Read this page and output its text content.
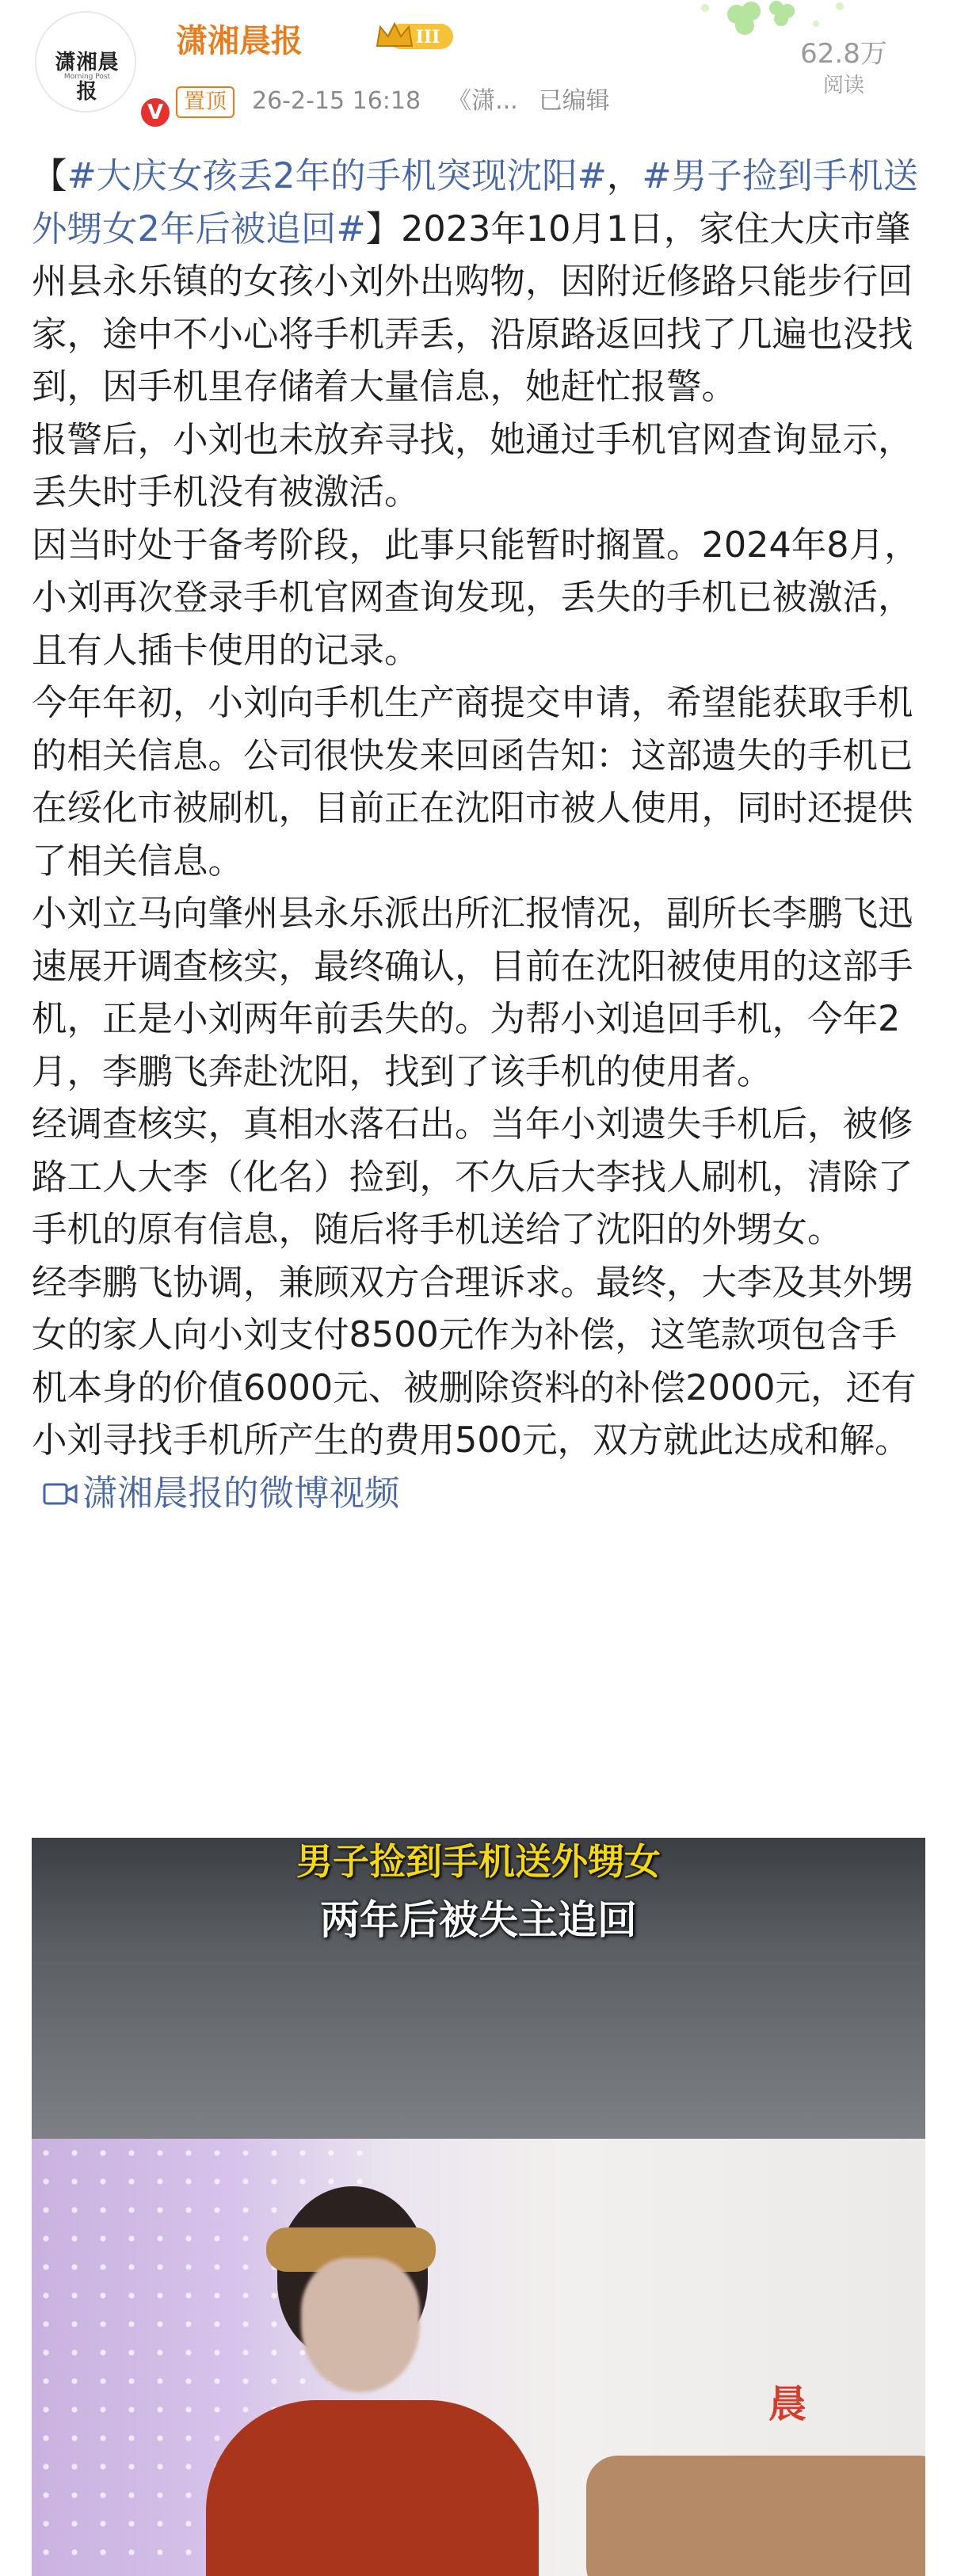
潇湘晨报
Morning Post
V
潇湘晨报	III
置顶 26-2-15 16:18 《潇... 已编辑
62.8万
阅读

【#大庆女孩丢2年的手机突现沈阳#，#男子捡到手机送外甥女2年后被追回#】2023年10月1日，家住大庆市肇州县永乐镇的女孩小刘外出购物，因附近修路只能步行回家，途中不小心将手机弄丢，沿原路返回找了几遍也没找到，因手机里存储着大量信息，她赶忙报警。

报警后，小刘也未放弃寻找，她通过手机官网查询显示，丢失时手机没有被激活。

因当时处于备考阶段，此事只能暂时搁置。2024年8月，小刘再次登录手机官网查询发现，丢失的手机已被激活，且有人插卡使用的记录。

今年年初，小刘向手机生产商提交申请，希望能获取手机的相关信息。公司很快发来回函告知：这部遗失的手机已在绥化市被刷机，目前正在沈阳市被人使用，同时还提供了相关信息。

小刘立马向肇州县永乐派出所汇报情况，副所长李鹏飞迅速展开调查核实，最终确认，目前在沈阳被使用的这部手机，正是小刘两年前丢失的。为帮小刘追回手机，今年2月，李鹏飞奔赴沈阳，找到了该手机的使用者。

经调查核实，真相水落石出。当年小刘遗失手机后，被修路工人大李（化名）捡到，不久后大李找人刷机，清除了手机的原有信息，随后将手机送给了沈阳的外甥女。

经李鹏飞协调，兼顾双方合理诉求。最终，大李及其外甥女的家人向小刘支付8500元作为补偿，这笔款项包含手机本身的价值6000元、被删除资料的补偿2000元，还有小刘寻找手机所产生的费用500元，双方就此达成和解。潇湘晨报的微博视频

男子捡到手机送外甥女
两年后被失主追回
晨
